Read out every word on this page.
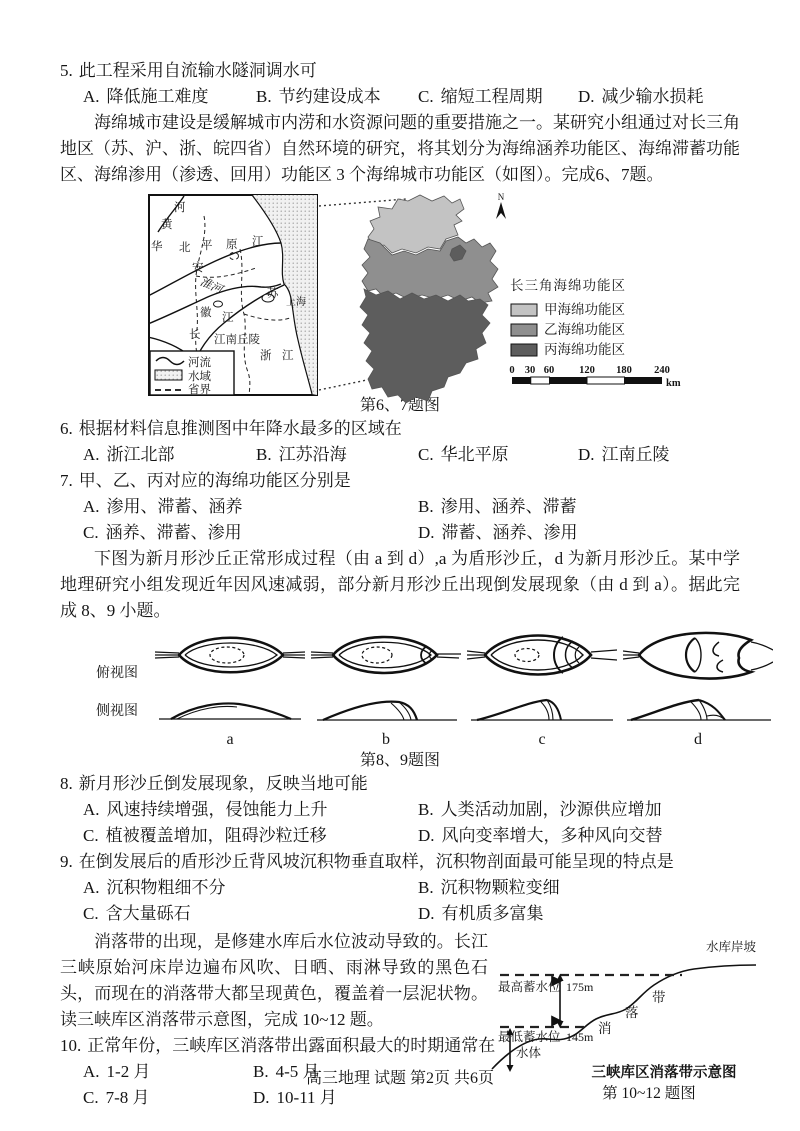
5. 此工程采用自流输水隧洞调水可
A. 降低施工难度	B. 节约建设成本	C. 缩短工程周期	D. 减少输水损耗
海绵城市建设是缓解城市内涝和水资源问题的重要措施之一。某研究小组通过对长三角地区（苏、沪、浙、皖四省）自然环境的研究，将其划分为海绵涵养功能区、海绵滞蓄功能区、海绵渗用（渗透、回用）功能区 3 个海绵城市功能区（如图）。完成6、7题。
河
黄
华 北 平 原 江
安
淮河	苏
上海
徽 江
长 江南丘陵
浙 江
河流
水域
省界
N
长三角海绵功能区
甲海绵功能区
乙海绵功能区
丙海绵功能区
0 30 60 120 180 240
km
第6、7题图
6. 根据材料信息推测图中年降水最多的区域在
A. 浙江北部	B. 江苏沿海	C. 华北平原	D. 江南丘陵
7. 甲、乙、丙对应的海绵功能区分别是
A. 渗用、滞蓄、涵养	B. 渗用、涵养、滞蓄
C. 涵养、滞蓄、渗用	D. 滞蓄、涵养、渗用
下图为新月形沙丘正常形成过程（由 a 到 d）,a 为盾形沙丘，d 为新月形沙丘。某中学地理研究小组发现近年因风速减弱，部分新月形沙丘出现倒发展现象（由 d 到 a）。据此完成 8、9 小题。
俯视图
侧视图
a	b	c	d
第8、9题图
8. 新月形沙丘倒发展现象，反映当地可能
A. 风速持续增强，侵蚀能力上升	B. 人类活动加剧，沙源供应增加
C. 植被覆盖增加，阻碍沙粒迁移	D. 风向变率增大，多种风向交替
9. 在倒发展后的盾形沙丘背风坡沉积物垂直取样，沉积物剖面最可能呈现的特点是
A. 沉积物粗细不分	B. 沉积物颗粒变细
C. 含大量砾石	D. 有机质多富集
消落带的出现，是修建水库后水位波动导致的。长江三峡原始河床岸边遍布风吹、日晒、雨淋导致的黑色石头，而现在的消落带大都呈现黄色，覆盖着一层泥状物。读三峡库区消落带示意图，完成 10~12 题。
10. 正常年份，三峡库区消落带出露面积最大的时期通常在
A. 1-2 月	B. 4-5 月
C. 7-8 月	D. 10-11 月
最高蓄水位 175m
最低蓄水位 145m
水体
消
落
带
水库岸坡
三峡库区消落带示意图
第 10~12 题图
高三地理 试题 第2页 共6页
